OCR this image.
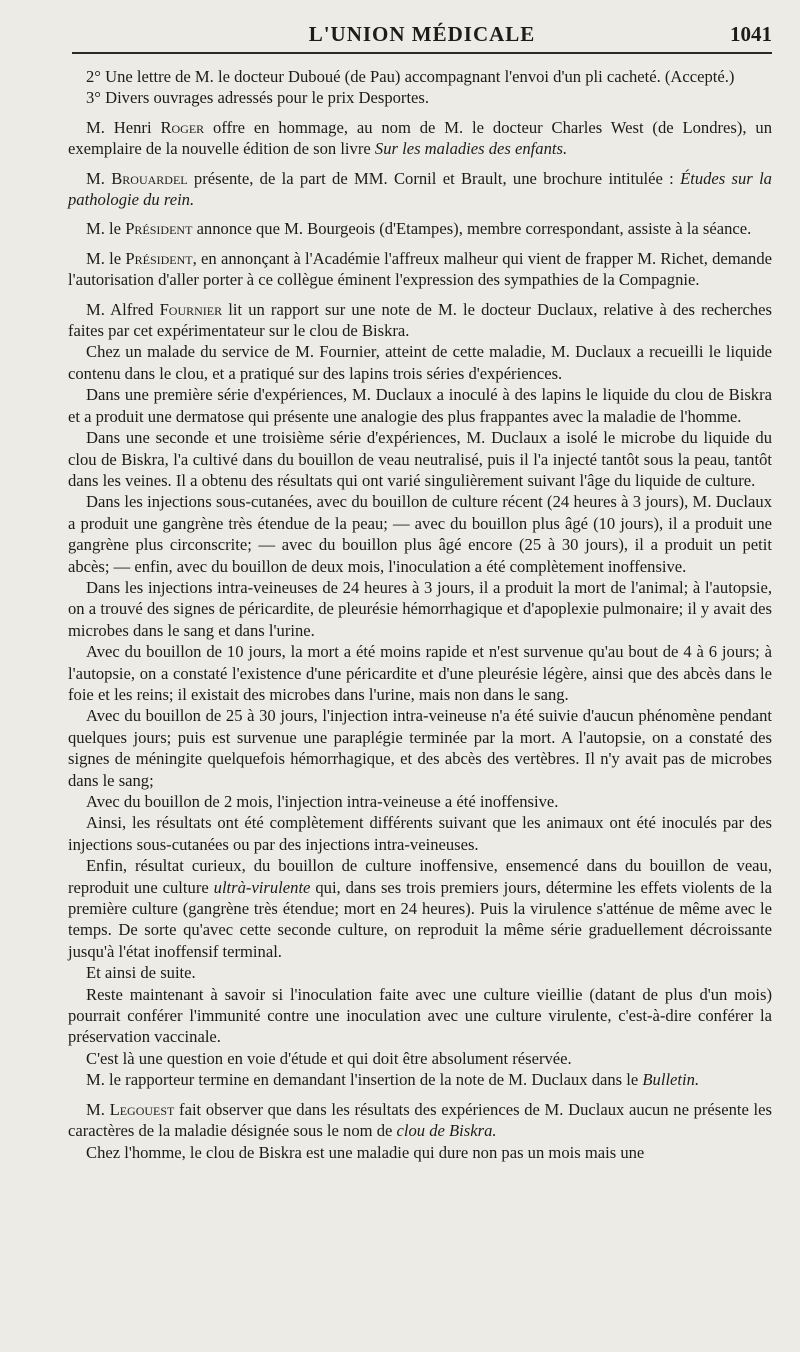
L'UNION MÉDICALE	1041

2° Une lettre de M. le docteur Duboué (de Pau) accompagnant l'envoi d'un pli cacheté. (Accepté.)

3° Divers ouvrages adressés pour le prix Desportes.

M. Henri Roger offre en hommage, au nom de M. le docteur Charles West (de Londres), un exemplaire de la nouvelle édition de son livre Sur les maladies des enfants.

M. Brouardel présente, de la part de MM. Cornil et Brault, une brochure intitulée : Études sur la pathologie du rein.

M. le Président annonce que M. Bourgeois (d'Etampes), membre correspondant, assiste à la séance.

M. le Président, en annonçant à l'Académie l'affreux malheur qui vient de frapper M. Richet, demande l'autorisation d'aller porter à ce collègue éminent l'expression des sympathies de la Compagnie.

M. Alfred Fournier lit un rapport sur une note de M. le docteur Duclaux, relative à des recherches faites par cet expérimentateur sur le clou de Biskra.

Chez un malade du service de M. Fournier, atteint de cette maladie, M. Duclaux a recueilli le liquide contenu dans le clou, et a pratiqué sur des lapins trois séries d'expériences.

Dans une première série d'expériences, M. Duclaux a inoculé à des lapins le liquide du clou de Biskra et a produit une dermatose qui présente une analogie des plus frappantes avec la maladie de l'homme.

Dans une seconde et une troisième série d'expériences, M. Duclaux a isolé le microbe du liquide du clou de Biskra, l'a cultivé dans du bouillon de veau neutralisé, puis il l'a injecté tantôt sous la peau, tantôt dans les veines. Il a obtenu des résultats qui ont varié singulièrement suivant l'âge du liquide de culture.

Dans les injections sous-cutanées, avec du bouillon de culture récent (24 heures à 3 jours), M. Duclaux a produit une gangrène très étendue de la peau; — avec du bouillon plus âgé (10 jours), il a produit une gangrène plus circonscrite; — avec du bouillon plus âgé encore (25 à 30 jours), il a produit un petit abcès; — enfin, avec du bouillon de deux mois, l'inoculation a été complètement inoffensive.

Dans les injections intra-veineuses de 24 heures à 3 jours, il a produit la mort de l'animal; à l'autopsie, on a trouvé des signes de péricardite, de pleurésie hémorrhagique et d'apoplexie pulmonaire; il y avait des microbes dans le sang et dans l'urine.

Avec du bouillon de 10 jours, la mort a été moins rapide et n'est survenue qu'au bout de 4 à 6 jours; à l'autopsie, on a constaté l'existence d'une péricardite et d'une pleurésie légère, ainsi que des abcès dans le foie et les reins; il existait des microbes dans l'urine, mais non dans le sang.

Avec du bouillon de 25 à 30 jours, l'injection intra-veineuse n'a été suivie d'aucun phénomène pendant quelques jours; puis est survenue une paraplégie terminée par la mort. A l'autopsie, on a constaté des signes de méningite quelquefois hémorrhagique, et des abcès des vertèbres. Il n'y avait pas de microbes dans le sang;

Avec du bouillon de 2 mois, l'injection intra-veineuse a été inoffensive.

Ainsi, les résultats ont été complètement différents suivant que les animaux ont été inoculés par des injections sous-cutanées ou par des injections intra-veineuses.

Enfin, résultat curieux, du bouillon de culture inoffensive, ensemencé dans du bouillon de veau, reproduit une culture ultrà-virulente qui, dans ses trois premiers jours, détermine les effets violents de la première culture (gangrène très étendue; mort en 24 heures). Puis la virulence s'atténue de même avec le temps. De sorte qu'avec cette seconde culture, on reproduit la même série graduellement décroissante jusqu'à l'état inoffensif terminal.

Et ainsi de suite.

Reste maintenant à savoir si l'inoculation faite avec une culture vieillie (datant de plus d'un mois) pourrait conférer l'immunité contre une inoculation avec une culture virulente, c'est-à-dire conférer la préservation vaccinale.

C'est là une question en voie d'étude et qui doit être absolument réservée.

M. le rapporteur termine en demandant l'insertion de la note de M. Duclaux dans le Bulletin.

M. Legouest fait observer que dans les résultats des expériences de M. Duclaux aucun ne présente les caractères de la maladie désignée sous le nom de clou de Biskra.

Chez l'homme, le clou de Biskra est une maladie qui dure non pas un mois mais une
